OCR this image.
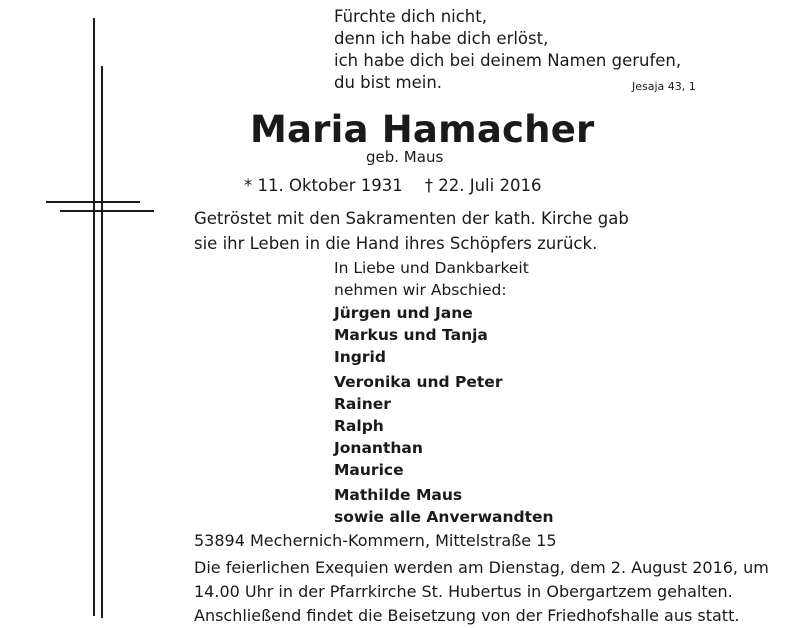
Fürchte dich nicht,
denn ich habe dich erlöst,
ich habe dich bei deinem Namen gerufen,
du bist mein.	Jesaja 43, 1
Maria Hamacher
geb. Maus
* 11. Oktober 1931 † 22. Juli 2016
Getröstet mit den Sakramenten der kath. Kirche gab
sie ihr Leben in die Hand ihres Schöpfers zurück.
In Liebe und Dankbarkeit
nehmen wir Abschied:
Jürgen und Jane
Markus und Tanja
Ingrid
Veronika und Peter
Rainer
Ralph
Jonanthan
Maurice
Mathilde Maus
sowie alle Anverwandten
53894 Mechernich-Kommern, Mittelstraße 15
Die feierlichen Exequien werden am Dienstag, dem 2. August 2016, um
14.00 Uhr in der Pfarrkirche St. Hubertus in Obergartzem gehalten.
Anschließend findet die Beisetzung von der Friedhofshalle aus statt.
